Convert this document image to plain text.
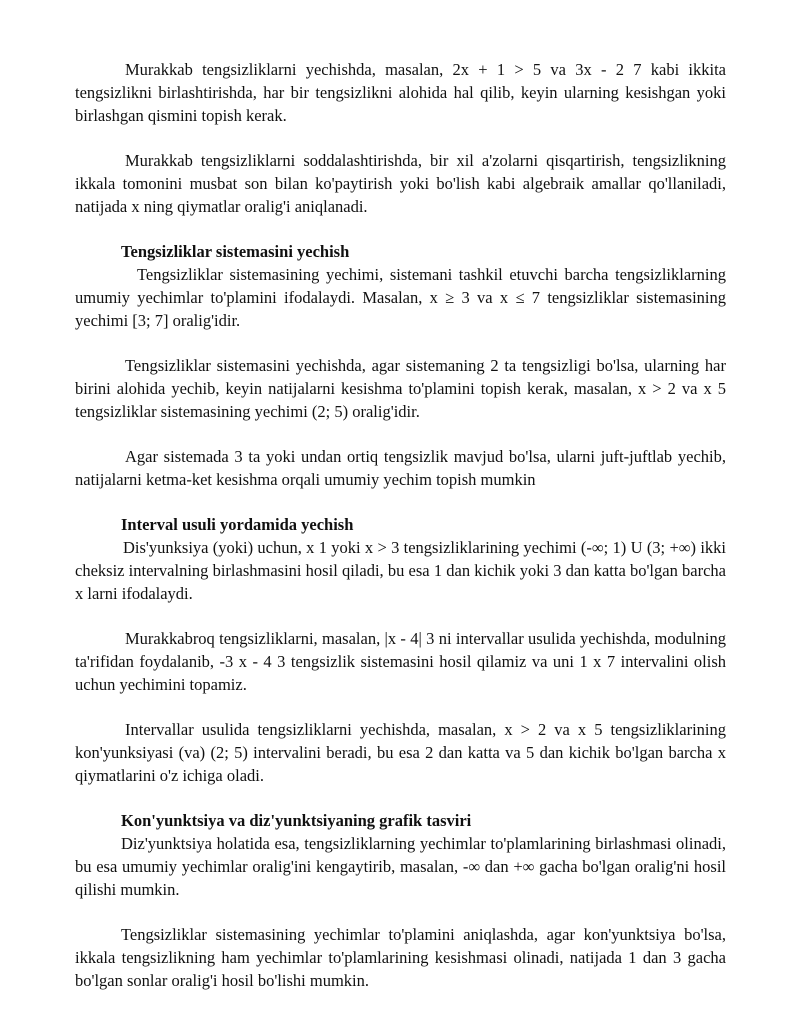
Murakkab tengsizliklarni yechishda, masalan, 2x + 1 > 5 va 3x - 2 7 kabi ikkita tengsizlikni birlashtirishda, har bir tengsizlikni alohida hal qilib, keyin ularning kesishgan yoki birlashgan qismini topish kerak.

Murakkab tengsizliklarni soddalashtirishda, bir xil a'zolarni qisqartirish, tengsizlikning ikkala tomonini musbat son bilan ko'paytirish yoki bo'lish kabi algebraik amallar qo'llaniladi, natijada x ning qiymatlar oralig'i aniqlanadi.

Tengsizliklar sistemasini yechish

Tengsizliklar sistemasining yechimi, sistemani tashkil etuvchi barcha tengsizliklarning umumiy yechimlar to'plamini ifodalaydi. Masalan, x ≥ 3 va x ≤ 7 tengsizliklar sistemasining yechimi [3; 7] oralig'idir.

Tengsizliklar sistemasini yechishda, agar sistemaning 2 ta tengsizligi bo'lsa, ularning har birini alohida yechib, keyin natijalarni kesishma to'plamini topish kerak, masalan, x > 2 va x 5 tengsizliklar sistemasining yechimi (2; 5) oralig'idir.

Agar sistemada 3 ta yoki undan ortiq tengsizlik mavjud bo'lsa, ularni juft-juftlab yechib, natijalarni ketma-ket kesishma orqali umumiy yechim topish mumkin

Interval usuli yordamida yechish

Dis'yunksiya (yoki) uchun, x 1 yoki x > 3 tengsizliklarining yechimi (-∞; 1) U (3; +∞) ikki cheksiz intervalning birlashmasini hosil qiladi, bu esa 1 dan kichik yoki 3 dan katta bo'lgan barcha x larni ifodalaydi.

Murakkabroq tengsizliklarni, masalan, |x - 4| 3 ni intervallar usulida yechishda, modulning ta'rifidan foydalanib, -3 x - 4 3 tengsizlik sistemasini hosil qilamiz va uni 1 x 7 intervalini olish uchun yechimini topamiz.

Intervallar usulida tengsizliklarni yechishda, masalan, x > 2 va x 5 tengsizliklarining kon'yunksiyasi (va) (2; 5) intervalini beradi, bu esa 2 dan katta va 5 dan kichik bo'lgan barcha x qiymatlarini o'z ichiga oladi.

Kon'yunktsiya va diz'yunktsiyaning grafik tasviri

Diz'yunktsiya holatida esa, tengsizliklarning yechimlar to'plamlarining birlashmasi olinadi, bu esa umumiy yechimlar oralig'ini kengaytirib, masalan, -∞ dan +∞ gacha bo'lgan oralig'ni hosil qilishi mumkin.

Tengsizliklar sistemasining yechimlar to'plamini aniqlashda, agar kon'yunktsiya bo'lsa, ikkala tengsizlikning ham yechimlar to'plamlarining kesishmasi olinadi, natijada 1 dan 3 gacha bo'lgan sonlar oralig'i hosil bo'lishi mumkin.
